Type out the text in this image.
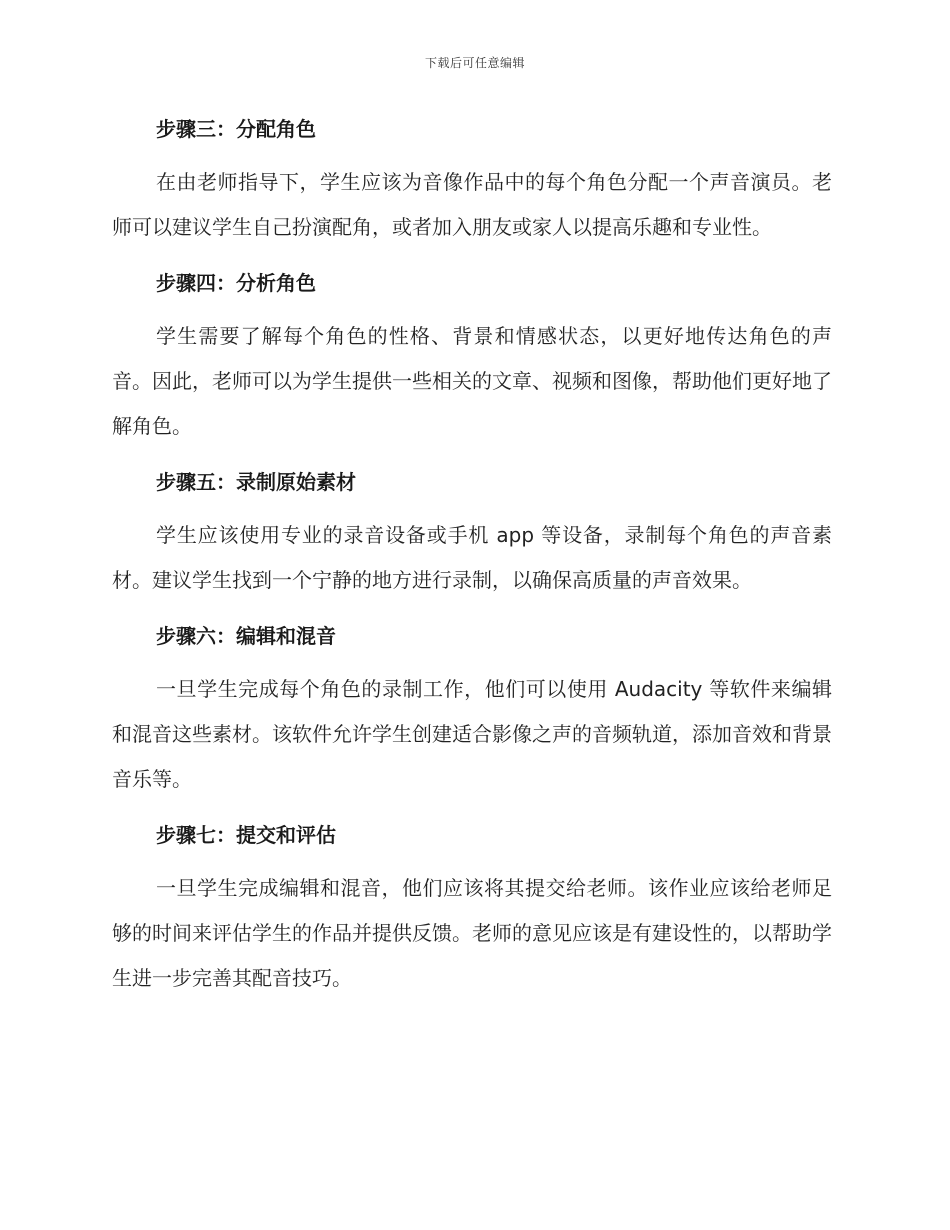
下载后可任意编辑
步骤三：分配角色

在由老师指导下，学生应该为音像作品中的每个角色分配一个声音演员。老师可以建议学生自己扮演配角，或者加入朋友或家人以提高乐趣和专业性。

步骤四：分析角色

学生需要了解每个角色的性格、背景和情感状态，以更好地传达角色的声音。因此，老师可以为学生提供一些相关的文章、视频和图像，帮助他们更好地了解角色。

步骤五：录制原始素材

学生应该使用专业的录音设备或手机 app 等设备，录制每个角色的声音素材。建议学生找到一个宁静的地方进行录制，以确保高质量的声音效果。

步骤六：编辑和混音

一旦学生完成每个角色的录制工作，他们可以使用 Audacity 等软件来编辑和混音这些素材。该软件允许学生创建适合影像之声的音频轨道，添加音效和背景音乐等。

步骤七：提交和评估

一旦学生完成编辑和混音，他们应该将其提交给老师。该作业应该给老师足够的时间来评估学生的作品并提供反馈。老师的意见应该是有建设性的，以帮助学生进一步完善其配音技巧。
